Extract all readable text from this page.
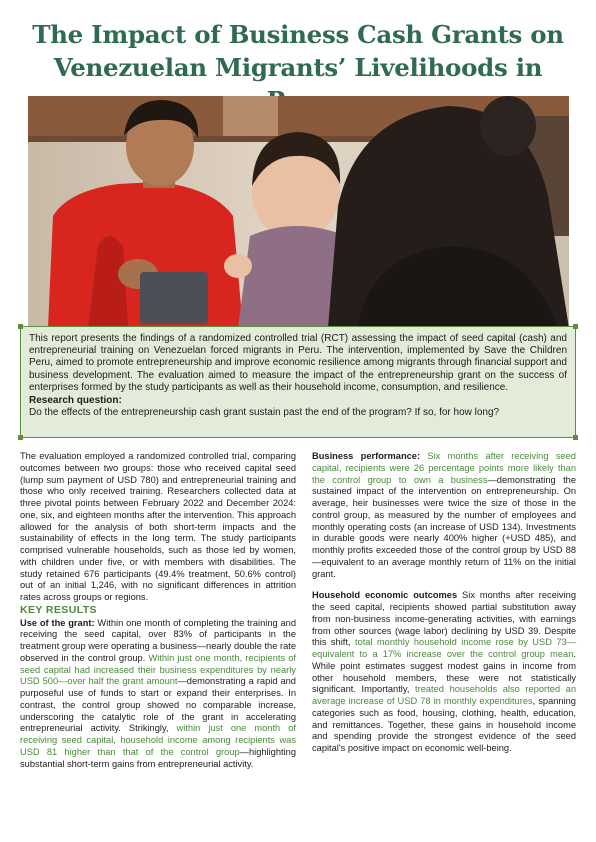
The Impact of Business Cash Grants on Venezuelan Migrants’ Livelihoods in

This report presents the findings of a randomized controlled trial (RCT) assessing the impact of seed capital (cash) and entrepreneurial training on Venezuelan forced migrants in Peru. The intervention, implemented by Save the Children Peru, aimed to promote entrepreneurship and improve economic resilience among migrants through financial support and business development. The evaluation aimed to measure the impact of the entrepreneurship grant on the success of enterprises formed by the study participants as well as their household income, consumption, and resilience.

Research question:

Do the effects of the entrepreneurship cash grant sustain past the end of the program? If so, for how long?

The evaluation employed a randomized controlled trial, comparing outcomes between two groups: those who received capital seed (lump sum payment of USD 780) and entrepreneurial training and those who only received training. Researchers collected data at three pivotal points between February 2022 and December 2024: one, six, and eighteen months after the intervention. This approach allowed for the analysis of both short-term impacts and the sustainability of effects in the long term. The study participants comprised vulnerable households, such as those led by women, with children under five, or with members with disabilities. The study retained 676 participants (49.4% treatment, 50.6% control) out of an initial 1,246, with no significant differences in attrition rates across groups or regions.

KEY RESULTS

Use of the grant: Within one month of completing the training and receiving the seed capital, over 83% of participants in the treatment group were operating a business—nearly double the rate observed in the control group. Within just one month, recipients of seed capital had increased their business expenditures by nearly USD 500—over half the grant amount—demonstrating a rapid and purposeful use of funds to start or expand their enterprises. In contrast, the control group showed no comparable increase, underscoring the catalytic role of the grant in accelerating entrepreneurial activity. Strikingly, within just one month of receiving seed capital, household income among recipients was USD 81 higher than that of the control group—highlighting substantial short-term gains from entrepreneurial activity.

Business performance: Six months after receiving seed capital, recipients were 26 percentage points more likely than the control group to own a business—demonstrating the sustained impact of the intervention on entrepreneurship. On average, heir businesses were twice the size of those in the control group, as measured by the number of employees and monthly operating costs (an increase of USD 134). Investments in durable goods were nearly 400% higher (+USD 485), and monthly profits exceeded those of the control group by USD 88—equivalent to an average monthly return of 11% on the initial grant.

Household economic outcomes Six months after receiving the seed capital, recipients showed partial substitution away from non-business income-generating activities, with earnings from other sources (wage labor) declining by USD 39. Despite this shift, total monthly household income rose by USD 73—equivalent to a 17% increase over the control group mean. While point estimates suggest modest gains in income from other household members, these were not statistically significant. Importantly, treated households also reported an average increase of USD 78 in monthly expenditures, spanning categories such as food, housing, clothing, health, education, and remittances. Together, these gains in household income and spending provide the strongest evidence of the seed capital's positive impact on economic well-being.
